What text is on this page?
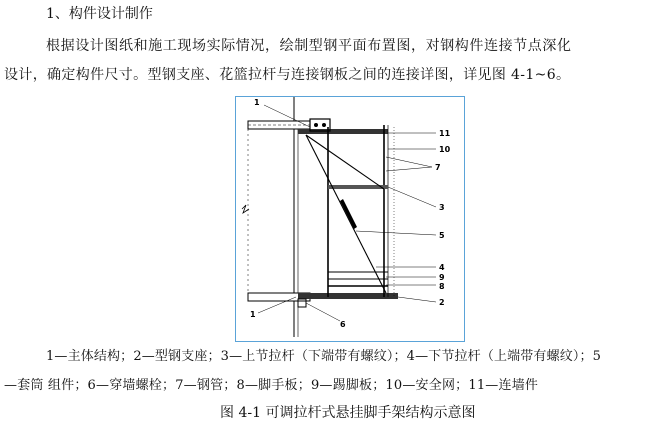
1、构件设计制作
根据设计图纸和施工现场实际情况，绘制型钢平面布置图，对钢构件连接节点深化
设计，确定构件尺寸。型钢支座、花篮拉杆与连接钢板之间的连接详图，详见图 4-1~6。
1
1
6
11
10
7
3
5
4
9
8
2
1—主体结构；2—型钢支座；3—上节拉杆（下端带有螺纹）；4—下节拉杆（上端带有螺纹）；5
—套筒 组件；6—穿墙螺栓；7—钢管；8—脚手板；9—踢脚板；10—安全网；11—连墙件
图 4-1 可调拉杆式悬挂脚手架结构示意图
